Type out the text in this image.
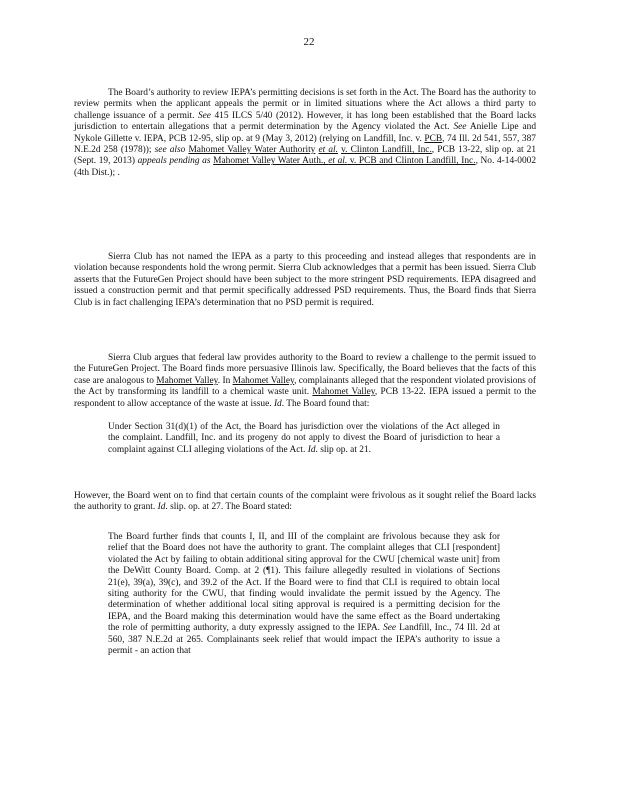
22

The Board’s authority to review IEPA’s permitting decisions is set forth in the Act. The Board has the authority to review permits when the applicant appeals the permit or in limited situations where the Act allows a third party to challenge issuance of a permit. See 415 ILCS 5/40 (2012). However, it has long been established that the Board lacks jurisdiction to entertain allegations that a permit determination by the Agency violated the Act. See Anielle Lipe and Nykole Gillette v. IEPA, PCB 12-95, slip op. at 9 (May 3, 2012) (relying on Landfill, Inc. v. PCB, 74 Ill. 2d 541, 557, 387 N.E.2d 258 (1978)); see also Mahomet Valley Water Authority et al. v. Clinton Landfill, Inc., PCB 13-22, slip op. at 21 (Sept. 19, 2013) appeals pending as Mahomet Valley Water Auth., et al. v. PCB and Clinton Landfill, Inc., No. 4-14-0002 (4th Dist.); .

Sierra Club has not named the IEPA as a party to this proceeding and instead alleges that respondents are in violation because respondents hold the wrong permit. Sierra Club acknowledges that a permit has been issued. Sierra Club asserts that the FutureGen Project should have been subject to the more stringent PSD requirements. IEPA disagreed and issued a construction permit and that permit specifically addressed PSD requirements. Thus, the Board finds that Sierra Club is in fact challenging IEPA’s determination that no PSD permit is required.

Sierra Club argues that federal law provides authority to the Board to review a challenge to the permit issued to the FutureGen Project. The Board finds more persuasive Illinois law. Specifically, the Board believes that the facts of this case are analogous to Mahomet Valley. In Mahomet Valley, complainants alleged that the respondent violated provisions of the Act by transforming its landfill to a chemical waste unit. Mahomet Valley, PCB 13-22. IEPA issued a permit to the respondent to allow acceptance of the waste at issue. Id. The Board found that:

Under Section 31(d)(1) of the Act, the Board has jurisdiction over the violations of the Act alleged in the complaint. Landfill, Inc. and its progeny do not apply to divest the Board of jurisdiction to hear a complaint against CLI alleging violations of the Act. Id. slip op. at 21.

However, the Board went on to find that certain counts of the complaint were frivolous as it sought relief the Board lacks the authority to grant. Id. slip. op. at 27. The Board stated:

The Board further finds that counts I, II, and III of the complaint are frivolous because they ask for relief that the Board does not have the authority to grant. The complaint alleges that CLI [respondent] violated the Act by failing to obtain additional siting approval for the CWU [chemical waste unit] from the DeWitt County Board. Comp. at 2 (¶1). This failure allegedly resulted in violations of Sections 21(e), 39(a), 39(c), and 39.2 of the Act. If the Board were to find that CLI is required to obtain local siting authority for the CWU, that finding would invalidate the permit issued by the Agency. The determination of whether additional local siting approval is required is a permitting decision for the IEPA, and the Board making this determination would have the same effect as the Board undertaking the role of permitting authority, a duty expressly assigned to the IEPA. See Landfill, Inc., 74 Ill. 2d at 560, 387 N.E.2d at 265. Complainants seek relief that would impact the IEPA’s authority to issue a permit - an action that
